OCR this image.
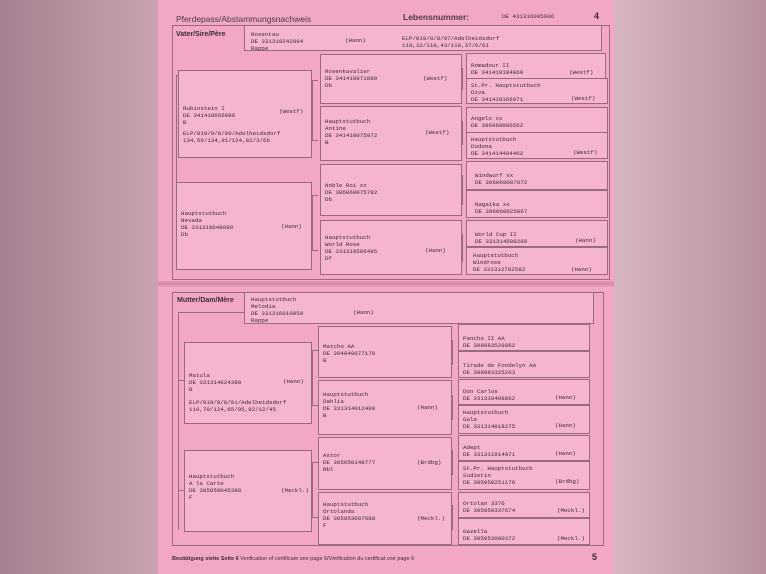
Pferdepass/Abstammungsnachweis	Lebensnummer:	DE 431316005906	4
Vater/Sire/Père	Rosentau
DE 331310242994	(Hann)
Rappe
ELP/019/8/8/97/Adelheidsdorf
119,32/119,43/110,37/6/61
Rubinstein I	(Westf)
DE 341410666986
B
ELP/019/8/8/89/Adelheidsdorf
134,56/134,91/124,82/3/66
Hauptstutbuch
Nevada
DE 331319648989	(Hann)
Db
Rosenkavalier
DE 341410971080	(Westf)
Db
Hauptstutbuch
Antine
DE 341410075972	(Westf)
B
Noble Roi xx
DE 306060075782
Db
Hauptstutbuch
World Rose
DE 331319506495	(Hann)
Df
Romadour II
DE 341410184869	(Westf)
St.Pr. Hauptstutbuch
Diva
DE 341410166971	(Westf)
Angelo xx
DE 306060006562
Hauptstutbuch
Dodona
DE 341414484462	(Westf)
Windwurf xx
DE 306060087072
Nagaika xx
DE 306060025867
World Cup II
DE 331314508280	(Hann)
Hauptstutbuch
Windrose
DE 331312702582	(Hann)
Mutter/Dam/Mère	Hauptstutbuch
Melodia
DE 331316010059	(Hann)
Rappe
Matula
DE 331314624388	(Hann)
B
ELP/019/8/8/91/Adelheidsdorf
110,70/124,65/95,92/12/45
Hauptstutbuch
A la Carte
DE 305050045388	(Meckl.)
F
Matcho AA
DE 304040077178
B
Hauptstutbuch
Dahlia
DE 331314012480	(Hann)
B
Astor
DE 305050148777	(Brdbg)
Rbl
Hauptstutbuch
Ortolanda
DE 305053007688	(Meckl.)
F
Pancho II AA
DE 308083528962
Tirade de Fondelyn AA
DE 308083325263
Don Carlos
DE 331310408862	(Hann)
Hauptstutbuch
Gala
DE 331314018275	(Hann)
Adept
DE 331311914971	(Hann)
St.Pr. Hauptstutbuch
Sudietin
DE 305050251176	(Brdbg)
Ortolan 3376
DE 305050337674	(Meckl.)
Gazella
DE 305053000372	(Meckl.)
Bestätigung siehe Seite 6 Verification of certificate see page 6/Vérification du certificat voir page 6	5
